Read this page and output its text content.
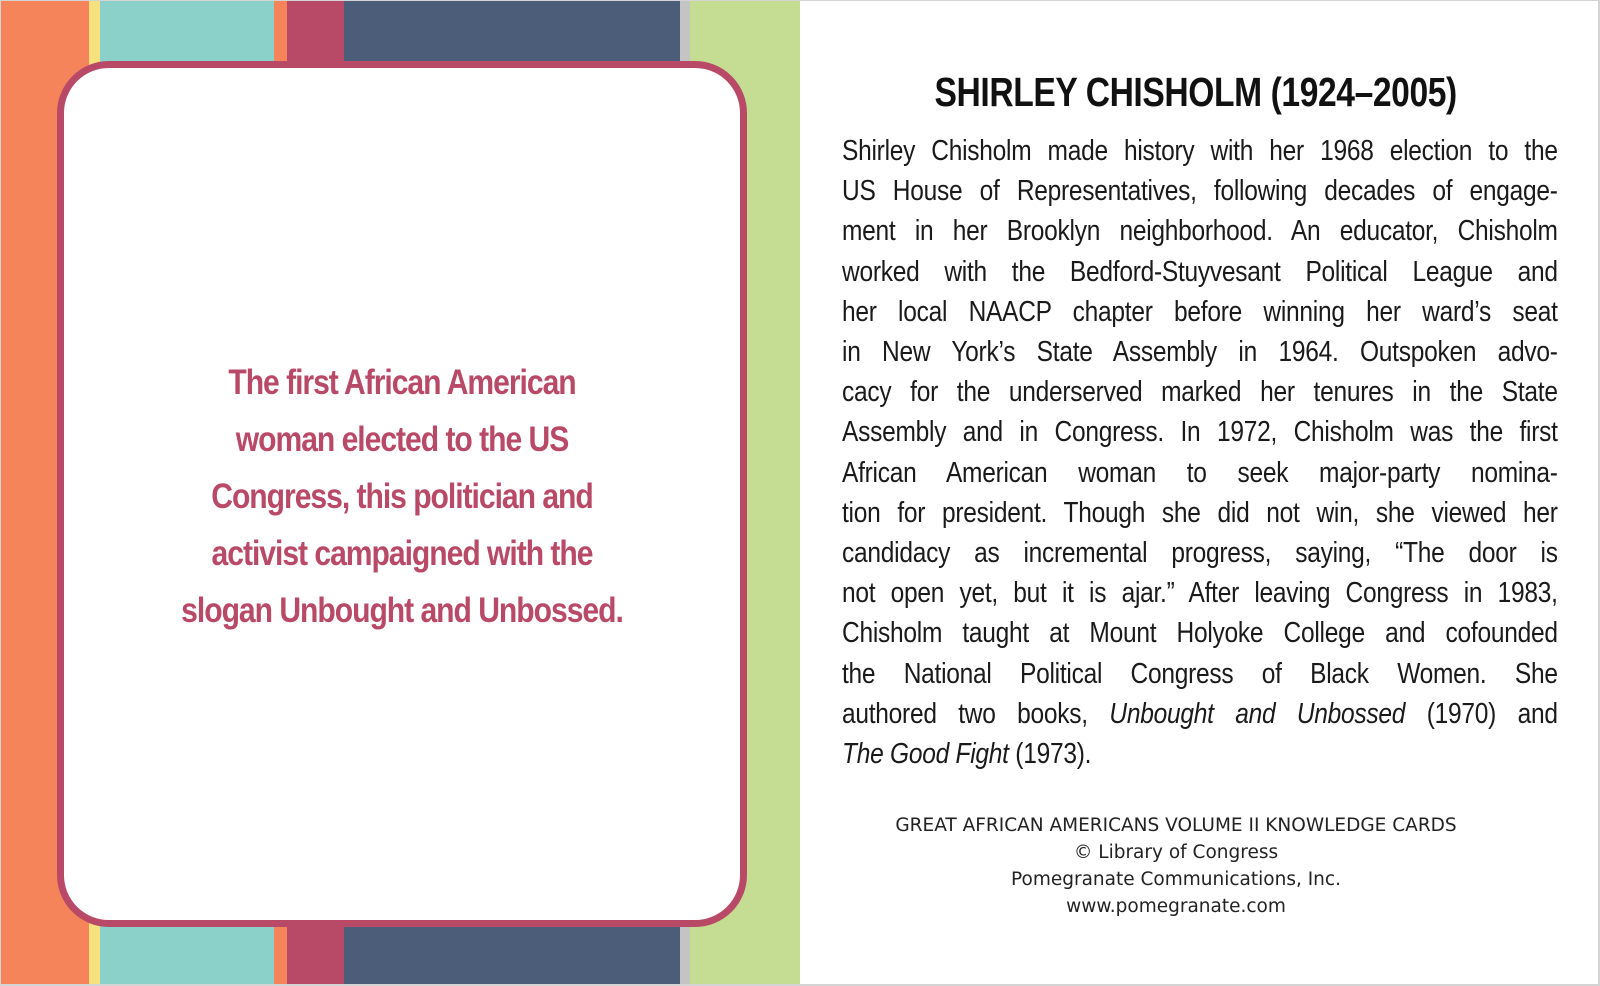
The first African American
woman elected to the US
Congress, this politician and
activist campaigned with the
slogan Unbought and Unbossed.
SHIRLEY CHISHOLM (1924–2005)
Shirley Chisholm made history with her 1968 election to the
US House of Representatives, following decades of engage-
ment in her Brooklyn neighborhood. An educator, Chisholm
worked with the Bedford-Stuyvesant Political League and
her local NAACP chapter before winning her ward’s seat
in New York’s State Assembly in 1964. Outspoken advo-
cacy for the underserved marked her tenures in the State
Assembly and in Congress. In 1972, Chisholm was the first
African American woman to seek major-party nomina-
tion for president. Though she did not win, she viewed her
candidacy as incremental progress, saying, “The door is
not open yet, but it is ajar.” After leaving Congress in 1983,
Chisholm taught at Mount Holyoke College and cofounded
the National Political Congress of Black Women. She
authored two books, Unbought and Unbossed (1970) and
The Good Fight (1973).
GREAT AFRICAN AMERICANS VOLUME II KNOWLEDGE CARDS
© Library of Congress
Pomegranate Communications, Inc.
www.pomegranate.com
